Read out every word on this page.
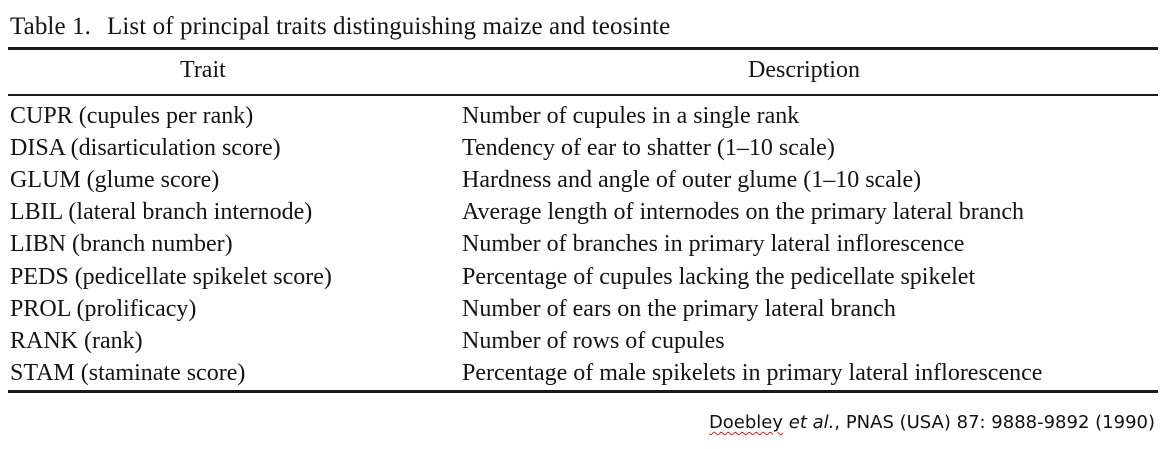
Table 1. List of principal traits distinguishing maize and teosinte
Trait	Description
CUPR (cupules per rank)	Number of cupules in a single rank
DISA (disarticulation score)	Tendency of ear to shatter (1–10 scale)
GLUM (glume score)	Hardness and angle of outer glume (1–10 scale)
LBIL (lateral branch internode)	Average length of internodes on the primary lateral branch
LIBN (branch number)	Number of branches in primary lateral inflorescence
PEDS (pedicellate spikelet score)	Percentage of cupules lacking the pedicellate spikelet
PROL (prolificacy)	Number of ears on the primary lateral branch
RANK (rank)	Number of rows of cupules
STAM (staminate score)	Percentage of male spikelets in primary lateral inflorescence
Doebley et al., PNAS (USA) 87: 9888-9892 (1990)
